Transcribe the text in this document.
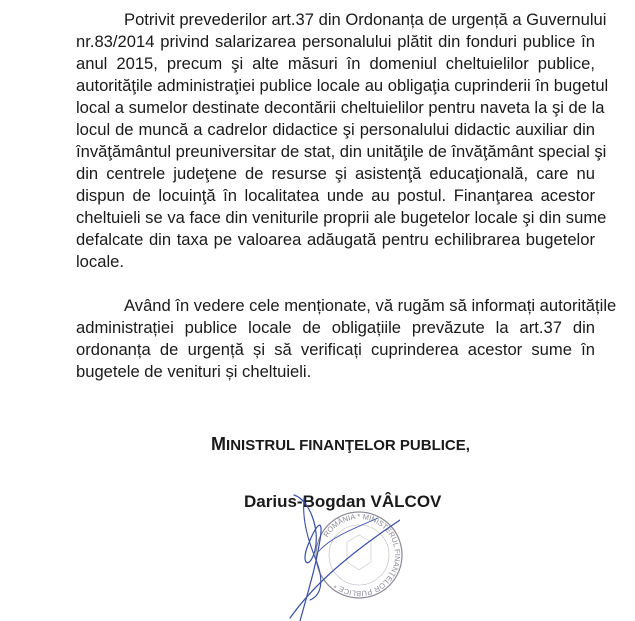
Potrivit prevederilor art.37 din Ordonanța de urgență a Guvernului
nr.83/2014 privind salarizarea personalului plătit din fonduri publice în
anul 2015, precum şi alte măsuri în domeniul cheltuielilor publice,
autorităţile administraţiei publice locale au obligaţia cuprinderii în bugetul
local a sumelor destinate decontării cheltuielilor pentru naveta la şi de la
locul de muncă a cadrelor didactice şi personalului didactic auxiliar din
învăţământul preuniversitar de stat, din unităţile de învăţământ special şi
din centrele judeţene de resurse şi asistenţă educaţională, care nu
dispun de locuinţă în localitatea unde au postul. Finanţarea acestor
cheltuieli se va face din veniturile proprii ale bugetelor locale şi din sume
defalcate din taxa pe valoarea adăugată pentru echilibrarea bugetelor
locale.
Având în vedere cele menționate, vă rugăm să informați autoritățile
administrației publice locale de obligațiile prevăzute la art.37 din
ordonanța de urgență și să verificați cuprinderea acestor sume în
bugetele de venituri și cheltuieli.
MINISTRUL FINANŢELOR PUBLICE,
ROMÂNIA * MINISTERUL FINANŢELOR PUBLICE *
Darius-Bogdan VÂLCOV
